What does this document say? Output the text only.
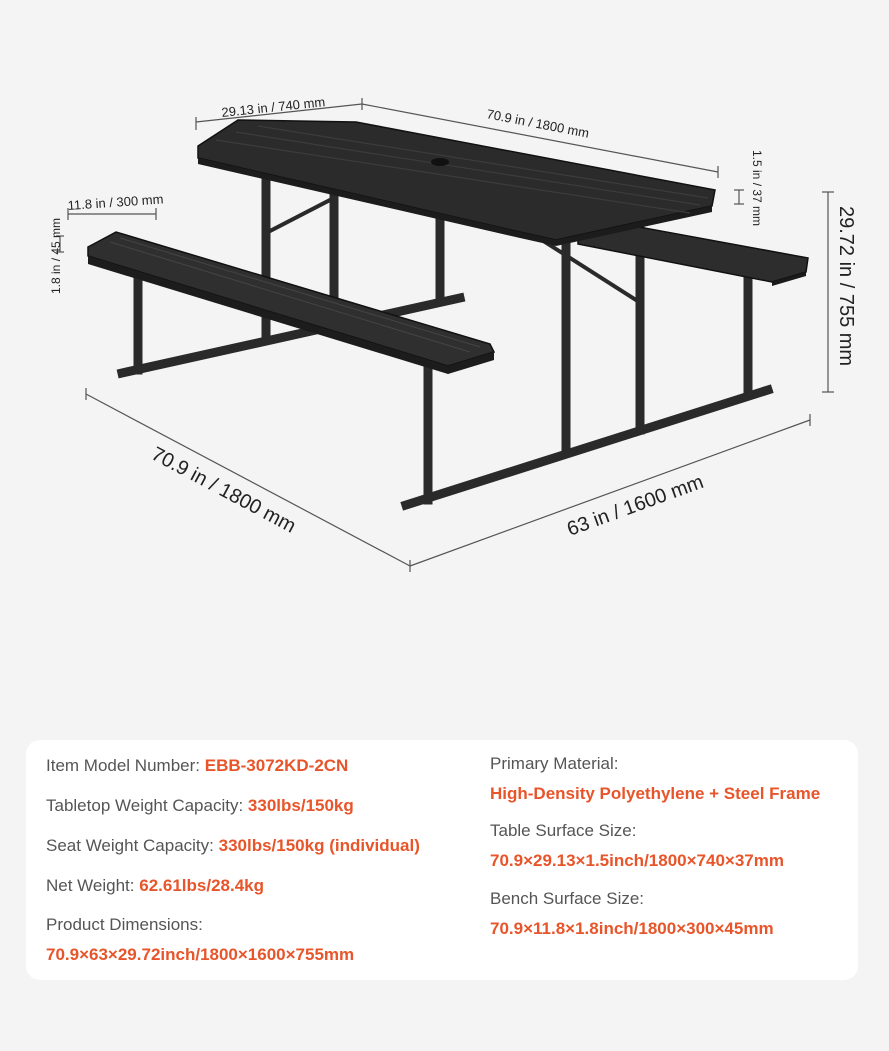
29.13 in / 740 mm	70.9 in / 1800 mm
1.5 in / 37 mm
11.8 in / 300 mm
1.8 in / 45 mm	29.72 in / 755 mm
70.9 in / 1800 mm	63 in / 1600 mm
Item Model Number: EBB-3072KD-2CN
Tabletop Weight Capacity: 330lbs/150kg
Seat Weight Capacity: 330lbs/150kg (individual)
Net Weight: 62.61lbs/28.4kg
Product Dimensions:
70.9×63×29.72inch/1800×1600×755mm
Primary Material:
High-Density Polyethylene + Steel Frame
Table Surface Size:
70.9×29.13×1.5inch/1800×740×37mm
Bench Surface Size:
70.9×11.8×1.8inch/1800×300×45mm
